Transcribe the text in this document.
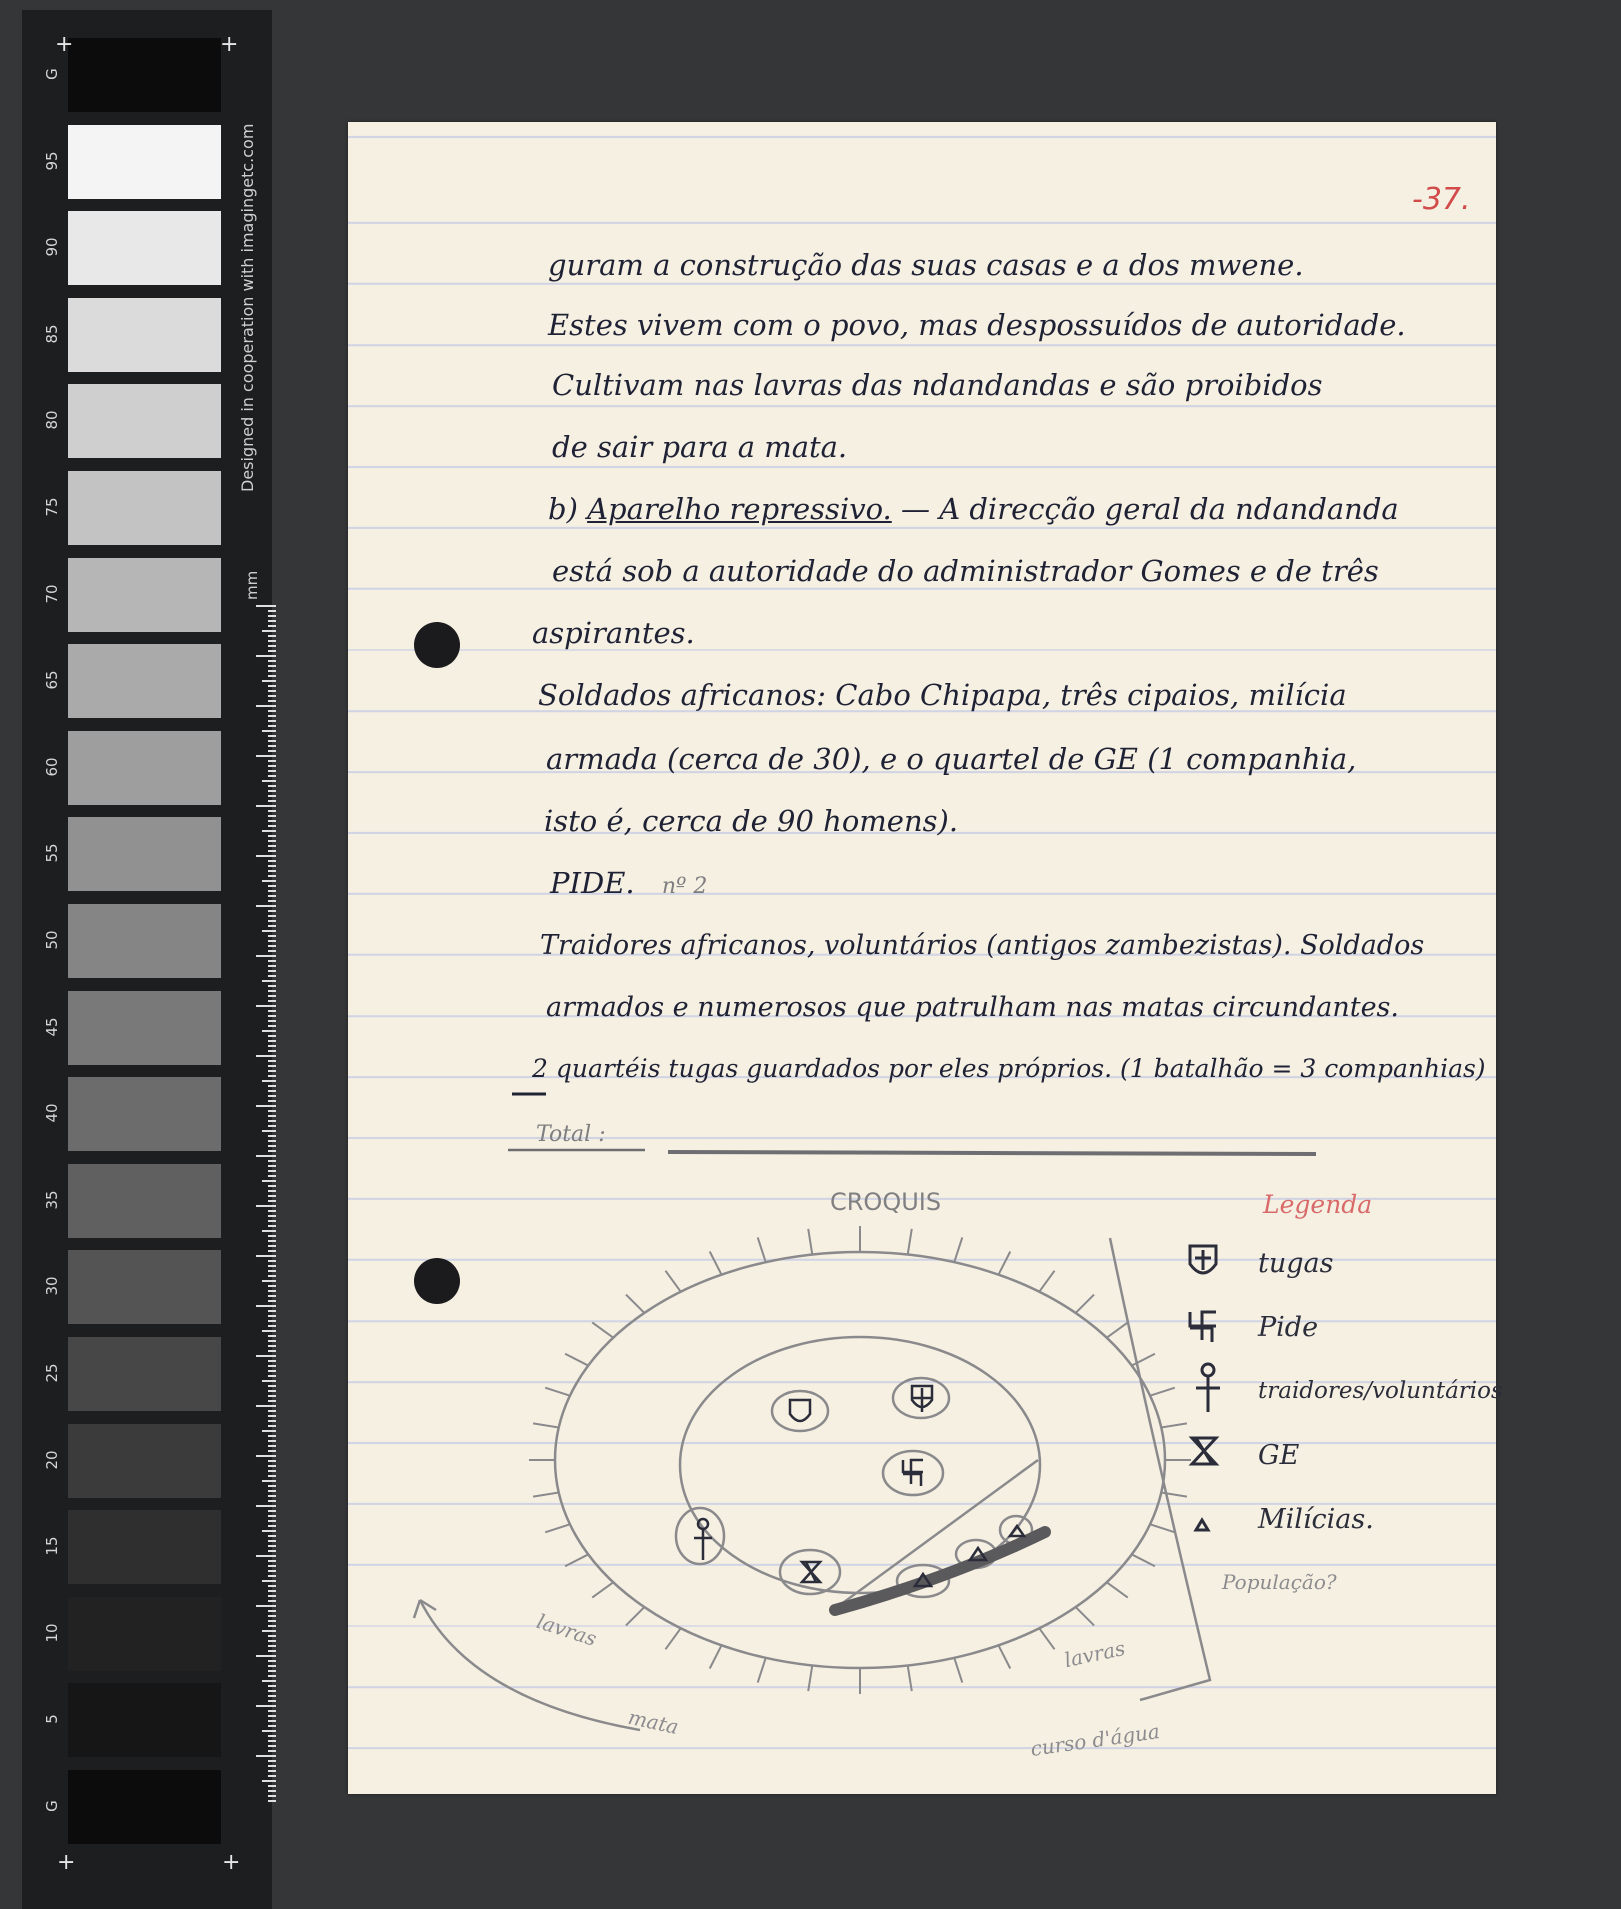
G
95
90
85
80
75
70
65
60
55
50
45
40
35
30
25
20
15
10
5
G
+	+
+	+
Designed in cooperation with imagingetc.com
mm
-37.
guram a construção das suas casas e a dos mwene.
Estes vivem com o povo, mas despossuídos de autoridade.
Cultivam nas lavras das ndandandas e são proibidos
de sair para a mata.
b) Aparelho repressivo. — A direcção geral da ndandanda
está sob a autoridade do administrador Gomes e de três
aspirantes.
Soldados africanos: Cabo Chipapa, três cipaios, milícia
armada (cerca de 30), e o quartel de GE (1 companhia,
isto é, cerca de 90 homens).
PIDE. nº 2
Traidores africanos, voluntários (antigos zambezistas). Soldados
armados e numerosos que patrulham nas matas circundantes.
2 quartéis tugas guardados por eles próprios. (1 batalhão = 3 companhias)
Total :
CROQUIS	Legenda
tugas
Pide
traidores/voluntários
GE
Milícias.
População?
lavras
lavras
mata	curso d'água
